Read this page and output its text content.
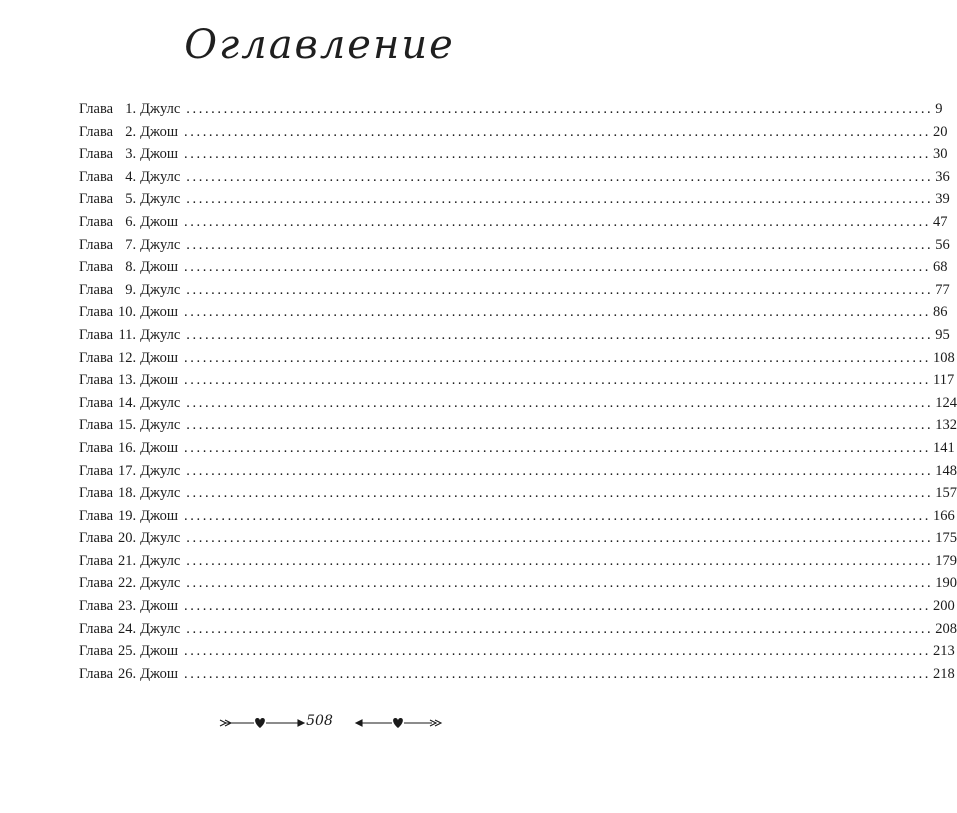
Оглавление
Глава 1. Джулс ........................................................................................................................ 9
Глава 2. Джош ........................................................................................................................ 20
Глава 3. Джош ........................................................................................................................ 30
Глава 4. Джулс ........................................................................................................................ 36
Глава 5. Джулс ........................................................................................................................ 39
Глава 6. Джош ........................................................................................................................ 47
Глава 7. Джулс ........................................................................................................................ 56
Глава 8. Джош ........................................................................................................................ 68
Глава 9. Джулс ........................................................................................................................ 77
Глава 10. Джош ........................................................................................................................ 86
Глава 11. Джулс ........................................................................................................................ 95
Глава 12. Джош ........................................................................................................................ 108
Глава 13. Джош ........................................................................................................................ 117
Глава 14. Джулс ........................................................................................................................ 124
Глава 15. Джулс ........................................................................................................................ 132
Глава 16. Джош ........................................................................................................................ 141
Глава 17. Джулс ........................................................................................................................ 148
Глава 18. Джулс ........................................................................................................................ 157
Глава 19. Джош ........................................................................................................................ 166
Глава 20. Джулс ........................................................................................................................ 175
Глава 21. Джулс ........................................................................................................................ 179
Глава 22. Джулс ........................................................................................................................ 190
Глава 23. Джош ........................................................................................................................ 200
Глава 24. Джулс ........................................................................................................................ 208
Глава 25. Джош ........................................................................................................................ 213
Глава 26. Джош ........................................................................................................................ 218
508
